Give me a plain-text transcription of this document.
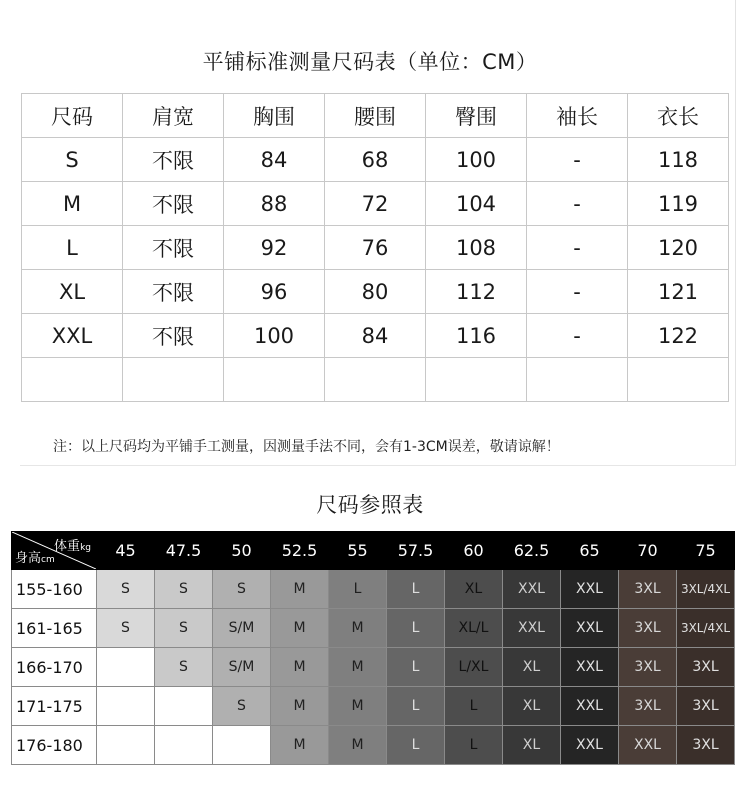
平铺标准测量尺码表（单位：CM）
尺码	肩宽	胸围	腰围	臀围	袖长	衣长
S	不限	84	68	100	-	118
M	不限	88	72	104	-	119
L	不限	92	76	108	-	120
XL	不限	96	80	112	-	121
XXL	不限	100	84	116	-	122

注：以上尺码均为平铺手工测量，因测量手法不同，会有1-3CM误差，敬请谅解！
尺码参照表
体重kg
身高cm	45	47.5	50	52.5	55	57.5	60	62.5	65	70	75
155-160	S	S	S	M	L	L	XL	XXL	XXL	3XL	3XL/4XL
161-165	S	S	S/M	M	M	L	XL/L	XXL	XXL	3XL	3XL/4XL
166-170		S	S/M	M	M	L	L/XL	XL	XXL	3XL	3XL
171-175			S	M	M	L	L	XL	XXL	3XL	3XL
176-180				M	M	L	L	XL	XXL	XXL	3XL
